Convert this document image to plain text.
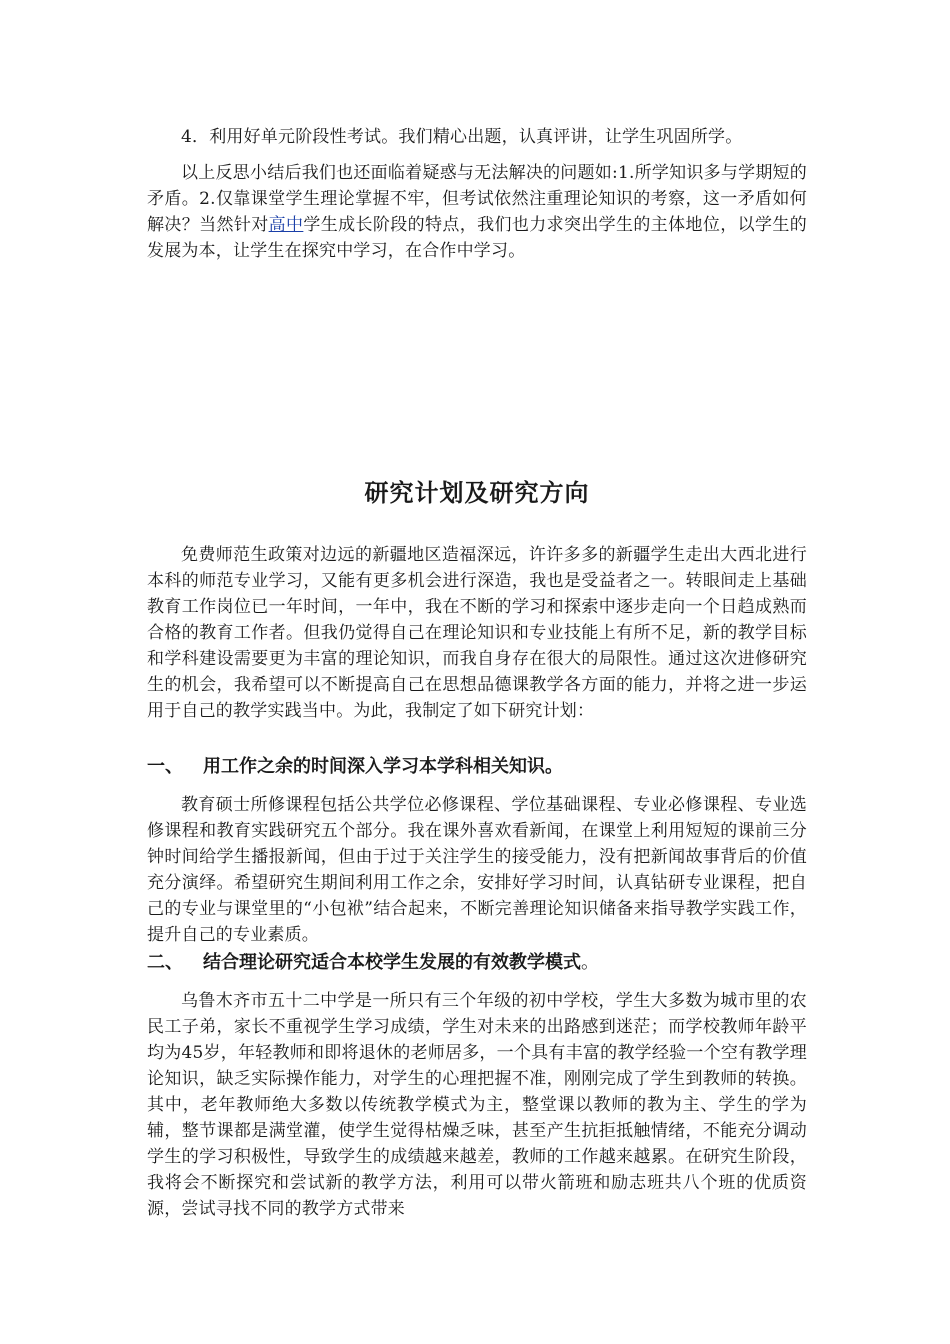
4．利用好单元阶段性考试。我们精心出题，认真评讲，让学生巩固所学。

以上反思小结后我们也还面临着疑惑与无法解决的问题如:1.所学知识多与学期短的矛盾。2.仅靠课堂学生理论掌握不牢，但考试依然注重理论知识的考察，这一矛盾如何解决？当然针对高中学生成长阶段的特点，我们也力求突出学生的主体地位，以学生的发展为本，让学生在探究中学习，在合作中学习。

研究计划及研究方向

免费师范生政策对边远的新疆地区造福深远，许许多多的新疆学生走出大西北进行本科的师范专业学习，又能有更多机会进行深造，我也是受益者之一。转眼间走上基础教育工作岗位已一年时间，一年中，我在不断的学习和探索中逐步走向一个日趋成熟而合格的教育工作者。但我仍觉得自己在理论知识和专业技能上有所不足，新的教学目标和学科建设需要更为丰富的理论知识，而我自身存在很大的局限性。通过这次进修研究生的机会，我希望可以不断提高自己在思想品德课教学各方面的能力，并将之进一步运用于自己的教学实践当中。为此，我制定了如下研究计划：

一、 用工作之余的时间深入学习本学科相关知识。

教育硕士所修课程包括公共学位必修课程、学位基础课程、专业必修课程、专业选修课程和教育实践研究五个部分。我在课外喜欢看新闻，在课堂上利用短短的课前三分钟时间给学生播报新闻，但由于过于关注学生的接受能力，没有把新闻故事背后的价值充分演绎。希望研究生期间利用工作之余，安排好学习时间，认真钻研专业课程，把自己的专业与课堂里的“小包袱”结合起来，不断完善理论知识储备来指导教学实践工作，提升自己的专业素质。

二、 结合理论研究适合本校学生发展的有效教学模式。

乌鲁木齐市五十二中学是一所只有三个年级的初中学校，学生大多数为城市里的农民工子弟，家长不重视学生学习成绩，学生对未来的出路感到迷茫；而学校教师年龄平均为45岁，年轻教师和即将退休的老师居多，一个具有丰富的教学经验一个空有教学理论知识，缺乏实际操作能力，对学生的心理把握不准，刚刚完成了学生到教师的转换。其中，老年教师绝大多数以传统教学模式为主，整堂课以教师的教为主、学生的学为辅，整节课都是满堂灌，使学生觉得枯燥乏味，甚至产生抗拒抵触情绪，不能充分调动学生的学习积极性，导致学生的成绩越来越差，教师的工作越来越累。在研究生阶段，我将会不断探究和尝试新的教学方法，利用可以带火箭班和励志班共八个班的优质资源，尝试寻找不同的教学方式带来
